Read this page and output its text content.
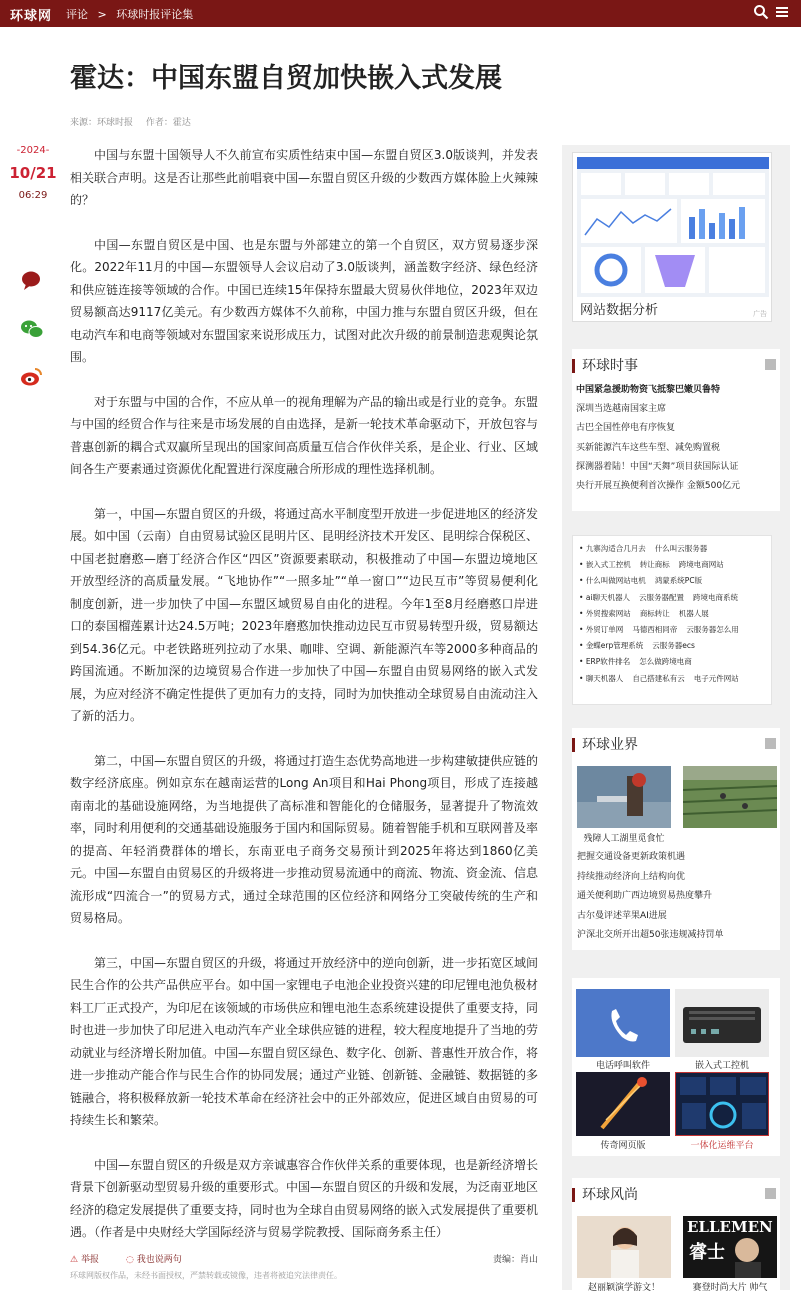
环球网 评论 > 环球时报评论集
霍达：中国东盟自贸加快嵌入式发展
来源：环球时报 作者：霍达
-2024-
10/21
06:29

中国与东盟十国领导人不久前宣布实质性结束中国—东盟自贸区3.0版谈判，并发表相关联合声明。这是否让那些此前唱衰中国—东盟自贸区升级的少数西方媒体脸上火辣辣的？

中国—东盟自贸区是中国、也是东盟与外部建立的第一个自贸区，双方贸易逐步深化。2022年11月的中国—东盟领导人会议启动了3.0版谈判，涵盖数字经济、绿色经济和供应链连接等领域的合作。中国已连续15年保持东盟最大贸易伙伴地位，2023年双边贸易额高达9117亿美元。有少数西方媒体不久前称，中国力推与东盟自贸区升级，但在电动汽车和电商等领域对东盟国家来说形成压力，试图对此次升级的前景制造悲观舆论氛围。

对于东盟与中国的合作，不应从单一的视角理解为产品的输出或是行业的竞争。东盟与中国的经贸合作与往来是市场发展的自由选择，是新一轮技术革命驱动下，开放包容与普惠创新的耦合式双赢所呈现出的国家间高质量互信合作伙伴关系，是企业、行业、区域间各生产要素通过资源优化配置进行深度融合所形成的理性选择机制。

第一，中国—东盟自贸区的升级，将通过高水平制度型开放进一步促进地区的经济发展。如中国（云南）自由贸易试验区昆明片区、昆明经济技术开发区、昆明综合保税区、中国老挝磨憨—磨丁经济合作区“四区”资源要素联动，积极推动了中国—东盟边境地区开放型经济的高质量发展。“飞地协作”“一照多址”“单一窗口”“边民互市”等贸易便利化制度创新，进一步加快了中国—东盟区域贸易自由化的进程。今年1至8月经磨憨口岸进口的泰国榴莲累计达24.5万吨；2023年磨憨加快推动边民互市贸易转型升级，贸易额达到54.36亿元。中老铁路班列拉动了水果、咖啡、空调、新能源汽车等2000多种商品的跨国流通。不断加深的边境贸易合作进一步加快了中国—东盟自由贸易网络的嵌入式发展，为应对经济不确定性提供了更加有力的支持，同时为加快推动全球贸易自由流动注入了新的活力。

第二，中国—东盟自贸区的升级，将通过打造生态优势高地进一步构建敏捷供应链的数字经济底座。例如京东在越南运营的Long An项目和Hai Phong项目，形成了连接越南南北的基础设施网络，为当地提供了高标准和智能化的仓储服务，显著提升了物流效率，同时利用便利的交通基础设施服务于国内和国际贸易。随着智能手机和互联网普及率的提高、年轻消费群体的增长，东南亚电子商务交易预计到2025年将达到1860亿美元。中国—东盟自由贸易区的升级将进一步推动贸易流通中的商流、物流、资金流、信息流形成“四流合一”的贸易方式，通过全球范围的区位经济和网络分工突破传统的生产和贸易格局。

第三，中国—东盟自贸区的升级，将通过开放经济中的逆向创新，进一步拓宽区域间民生合作的公共产品供应平台。如中国一家锂电子电池企业投资兴建的印尼锂电池负极材料工厂正式投产，为印尼在该领域的市场供应和锂电池生态系统建设提供了重要支持，同时也进一步加快了印尼进入电动汽车产业全球供应链的进程，较大程度地提升了当地的劳动就业与经济增长附加值。中国—东盟自贸区绿色、数字化、创新、普惠性开放合作，将进一步推动产能合作与民生合作的协同发展；通过产业链、创新链、金融链、数据链的多链融合，将积极释放新一轮技术革命在经济社会中的正外部效应，促进区域自由贸易的可持续生长和繁荣。

中国—东盟自贸区的升级是双方亲诚惠容合作伙伴关系的重要体现，也是新经济增长背景下创新驱动型贸易升级的重要形式。中国—东盟自贸区的升级和发展，为泛南亚地区经济的稳定发展提供了重要支持，同时也为全球自由贸易网络的嵌入式发展提供了重要机遇。（作者是中央财经大学国际经济与贸易学院教授、国际商务系主任）

⚠ 举报	◌ 我也说两句	责编：肖山
环球网版权作品，未经书面授权，严禁转载或镜像，违者将被追究法律责任。
网站数据分析	广告
环球时事
中国紧急援助物资飞抵黎巴嫩贝鲁特
深圳当选越南国家主席
古巴全国性停电有序恢复
买新能源汽车这些车型、减免购置税
探测器着陆！中国“天舞”项目获国际认证
央行开展互换便利首次操作 金额500亿元
• 九寨沟适合几月去 什么叫云服务器
• 嵌入式工控机 转让商标 跨境电商网站
• 什么叫做网站电机 鸿蒙系统PC版
• ai聊天机器人 云服务器配置 跨境电商系统
• 外贸搜索网站 商标转让 机器人展
• 外贸订单网 马德西相同帝 云服务器怎么用
• 金蝶erp管理系统 云服务器ecs
• ERP软件排名 怎么做跨境电商
• 聊天机器人 自己搭建私有云 电子元件网站
环球业界
残障人工湖里觅食忙
把握交通设备更新政策机遇
持续推动经济向上结构向优
通关便利助广西边境贸易热度攀升
古尔曼评述苹果AI进展
沪深北交所开出超50张违规减持罚单
电话呼叫软件	嵌入式工控机
传奇网页版	一体化运维平台
环球风尚
ELLEMEN
睿士
赵丽颖演学游文！	赛登时尚大片 帅气
